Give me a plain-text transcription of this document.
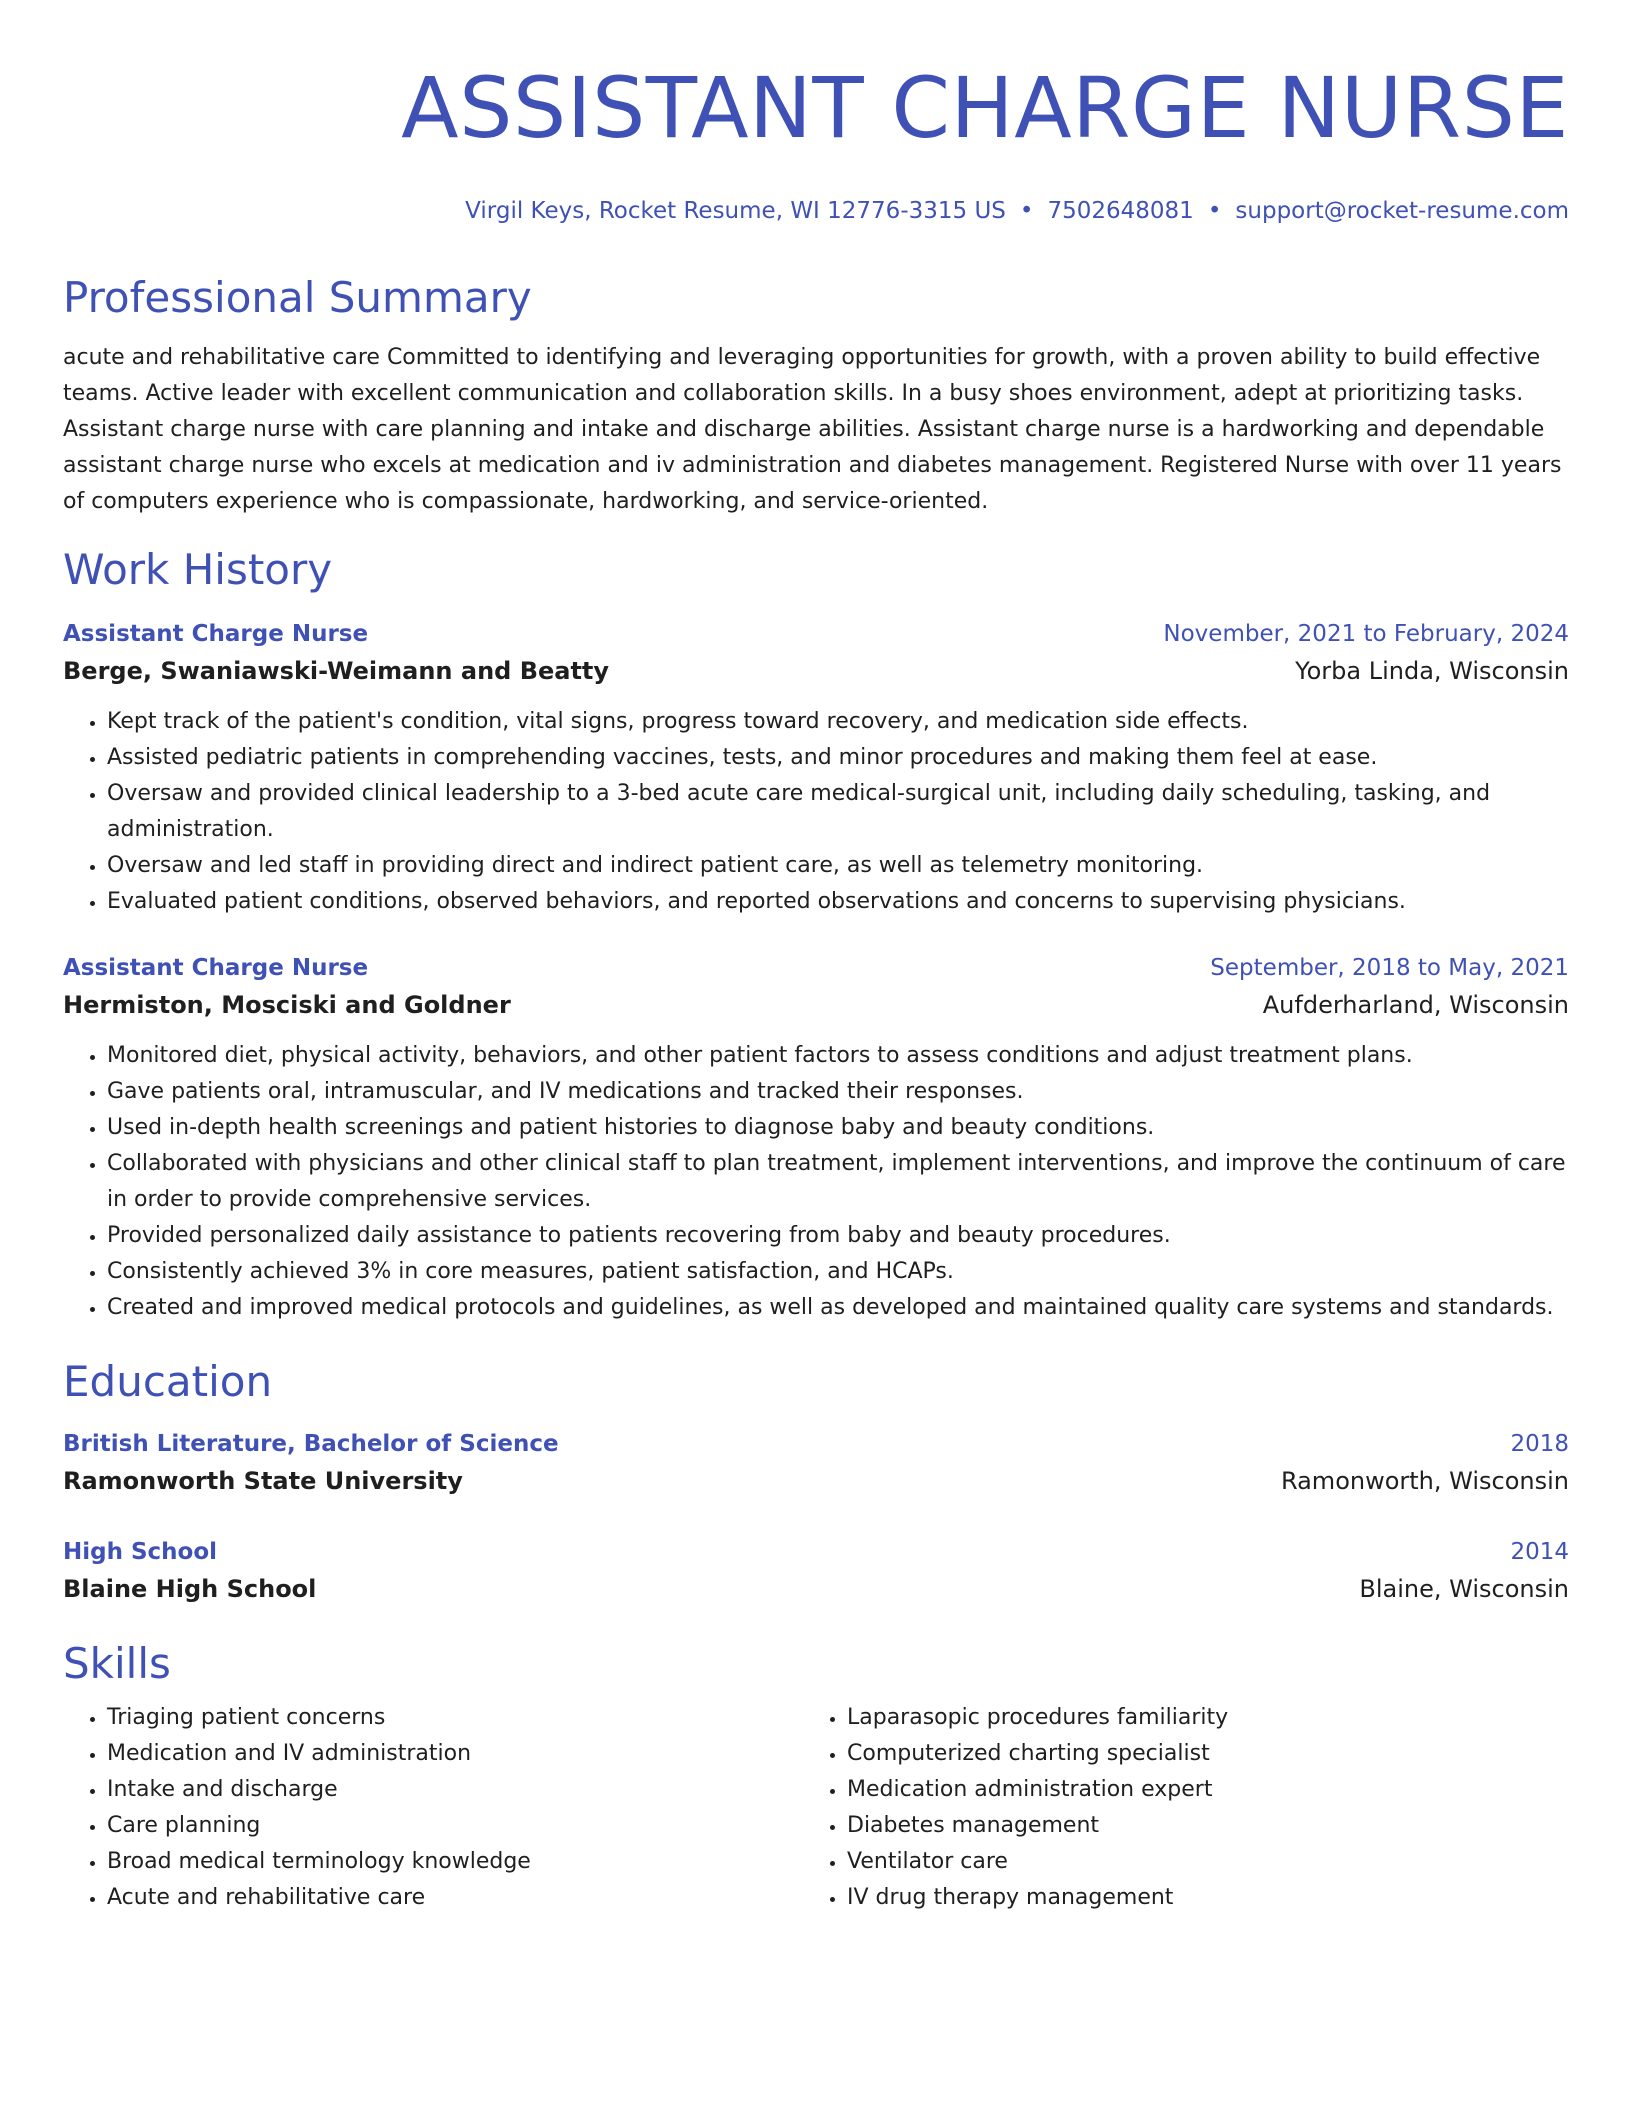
ASSISTANT CHARGE NURSE
Virgil Keys, Rocket Resume, WI 12776-3315 US • 7502648081 • support@rocket-resume.com
Professional Summary
acute and rehabilitative care Committed to identifying and leveraging opportunities for growth, with a proven ability to build effective teams. Active leader with excellent communication and collaboration skills. In a busy shoes environment, adept at prioritizing tasks. Assistant charge nurse with care planning and intake and discharge abilities. Assistant charge nurse is a hardworking and dependable assistant charge nurse who excels at medication and iv administration and diabetes management. Registered Nurse with over 11 years of computers experience who is compassionate, hardworking, and service-oriented.
Work History
Assistant Charge Nurse	November, 2021 to February, 2024
Berge, Swaniawski-Weimann and Beatty	Yorba Linda, Wisconsin
• Kept track of the patient's condition, vital signs, progress toward recovery, and medication side effects.
• Assisted pediatric patients in comprehending vaccines, tests, and minor procedures and making them feel at ease.
• Oversaw and provided clinical leadership to a 3-bed acute care medical-surgical unit, including daily scheduling, tasking, and administration.
• Oversaw and led staff in providing direct and indirect patient care, as well as telemetry monitoring.
• Evaluated patient conditions, observed behaviors, and reported observations and concerns to supervising physicians.
Assistant Charge Nurse	September, 2018 to May, 2021
Hermiston, Mosciski and Goldner	Aufderharland, Wisconsin
• Monitored diet, physical activity, behaviors, and other patient factors to assess conditions and adjust treatment plans.
• Gave patients oral, intramuscular, and IV medications and tracked their responses.
• Used in-depth health screenings and patient histories to diagnose baby and beauty conditions.
• Collaborated with physicians and other clinical staff to plan treatment, implement interventions, and improve the continuum of care in order to provide comprehensive services.
• Provided personalized daily assistance to patients recovering from baby and beauty procedures.
• Consistently achieved 3% in core measures, patient satisfaction, and HCAPs.
• Created and improved medical protocols and guidelines, as well as developed and maintained quality care systems and standards.
Education
British Literature, Bachelor of Science	2018
Ramonworth State University	Ramonworth, Wisconsin
High School	2014
Blaine High School	Blaine, Wisconsin
Skills
• Triaging patient concerns
• Medication and IV administration
• Intake and discharge
• Care planning
• Broad medical terminology knowledge
• Acute and rehabilitative care
• Laparasopic procedures familiarity
• Computerized charting specialist
• Medication administration expert
• Diabetes management
• Ventilator care
• IV drug therapy management
